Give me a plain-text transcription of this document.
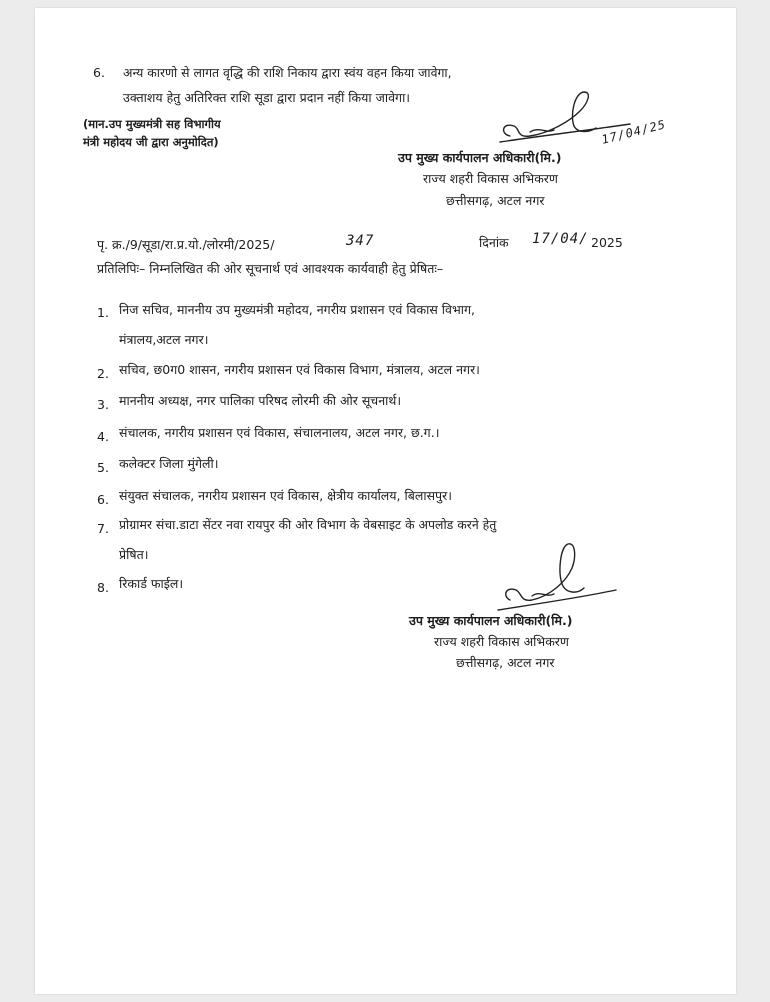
6. अन्य कारणो से लागत वृद्धि की राशि निकाय द्वारा स्वंय वहन किया जावेगा,
उक्ताशय हेतु अतिरिक्त राशि सूडा द्वारा प्रदान नहीं किया जावेगा।
(मान.उप मुख्यमंत्री सह विभागीय
मंत्री महोदय जी द्वारा अनुमोदित)	17/04/25
उप मुख्य कार्यपालन अधिकारी(मि.)
राज्य शहरी विकास अभिकरण
छत्तीसगढ़, अटल नगर
पृ. क्र./9/सूडा/रा.प्र.यो./लोरमी/2025/	347	दिनांक 17/04/ 2025
प्रतिलिपिः– निम्नलिखित की ओर सूचनार्थ एवं आवश्यक कार्यवाही हेतु प्रेषितः–
1. निज सचिव, माननीय उप मुख्यमंत्री महोदय, नगरीय प्रशासन एवं विकास विभाग,
मंत्रालय,अटल नगर।
2. सचिव, छ0ग0 शासन, नगरीय प्रशासन एवं विकास विभाग, मंत्रालय, अटल नगर।
3. माननीय अध्यक्ष, नगर पालिका परिषद लोरमी की ओर सूचनार्थ।
4. संचालक, नगरीय प्रशासन एवं विकास, संचालनालय, अटल नगर, छ.ग.।
5. कलेक्टर जिला मुंगेली।
6. संयुक्त संचालक, नगरीय प्रशासन एवं विकास, क्षेत्रीय कार्यालय, बिलासपुर।
7. प्रोग्रामर संचा.डाटा सेंटर नवा रायपुर की ओर विभाग के वेबसाइट के अपलोड करने हेतु
प्रेषित।
8. रिकार्ड फाईल।
उप मुख्य कार्यपालन अधिकारी(मि.)
राज्य शहरी विकास अभिकरण
छत्तीसगढ़, अटल नगर
